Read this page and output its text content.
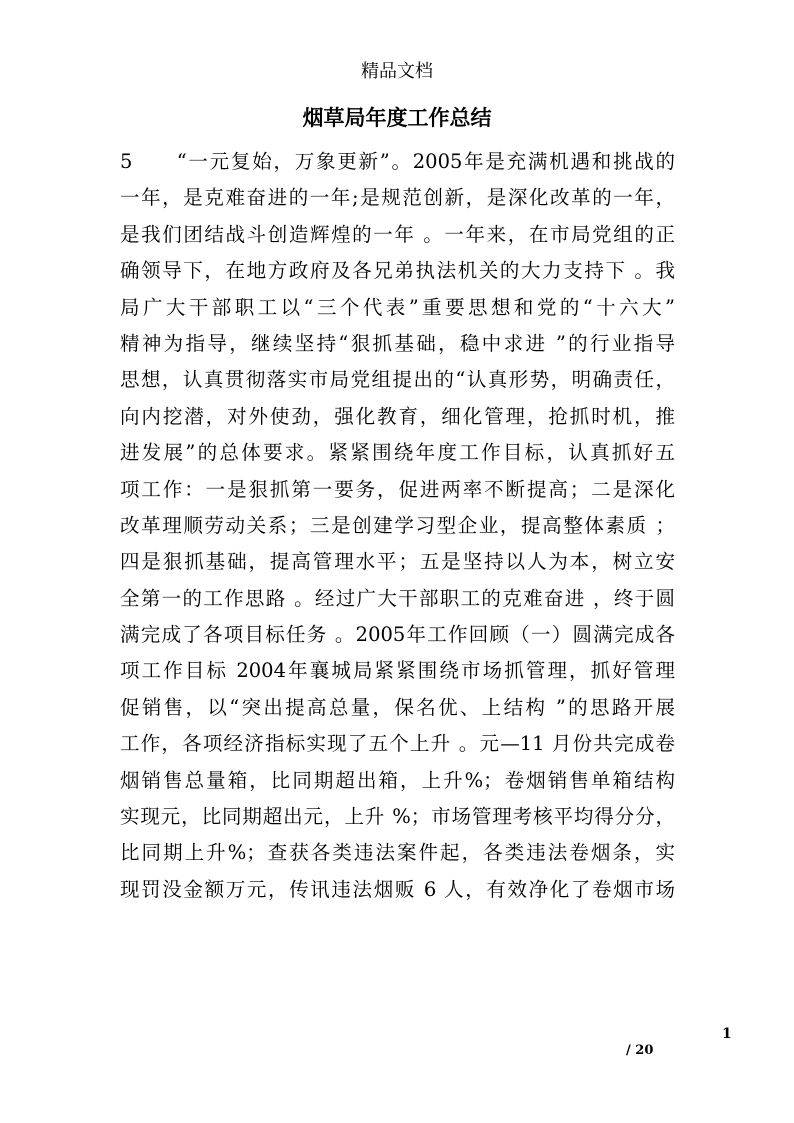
精品文档
烟草局年度工作总结
5　　“一元复始，万象更新”。2005年是充满机遇和挑战的
一年，是克难奋进的一年;是规范创新，是深化改革的一年，
是我们团结战斗创造辉煌的一年 。一年来，在市局党组的正
确领导下，在地方政府及各兄弟执法机关的大力支持下 。我
局广大干部职工以“三个代表”重要思想和党的“十六大”
精神为指导，继续坚持“狠抓基础，稳中求进 ”的行业指导
思想，认真贯彻落实市局党组提出的“认真形势，明确责任，
向内挖潜，对外使劲，强化教育，细化管理，抢抓时机，推
进发展”的总体要求。紧紧围绕年度工作目标，认真抓好五
项工作：一是狠抓第一要务，促进两率不断提高；二是深化
改革理顺劳动关系；三是创建学习型企业，提高整体素质 ；
四是狠抓基础，提高管理水平；五是坚持以人为本，树立安
全第一的工作思路 。经过广大干部职工的克难奋进 ，终于圆
满完成了各项目标任务 。2005年工作回顾（一）圆满完成各
项工作目标 2004年襄城局紧紧围绕市场抓管理，抓好管理
促销售，以“突出提高总量，保名优、上结构 ”的思路开展
工作，各项经济指标实现了五个上升 。元—11 月份共完成卷
烟销售总量箱，比同期超出箱，上升%；卷烟销售单箱结构
实现元，比同期超出元，上升 %；市场管理考核平均得分分，
比同期上升%；查获各类违法案件起，各类违法卷烟条，实
现罚没金额万元，传讯违法烟贩 6 人，有效净化了卷烟市场
1
/ 20
